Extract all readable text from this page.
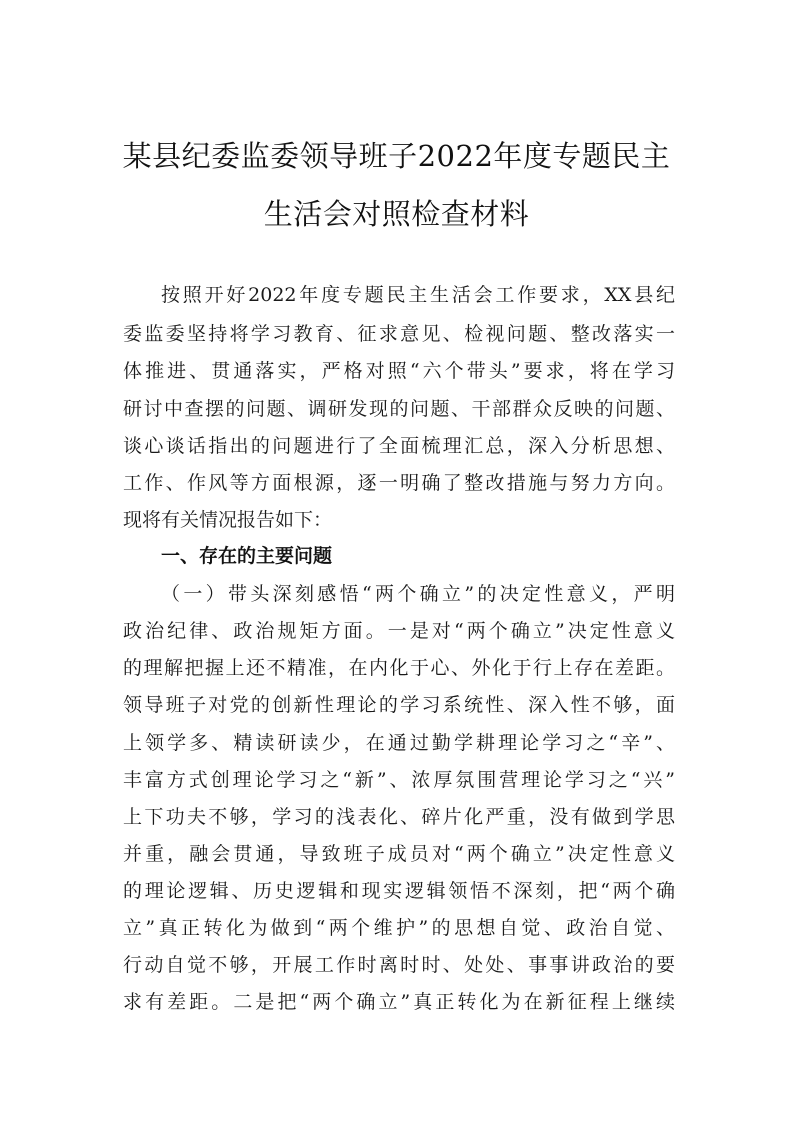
某县纪委监委领导班子2022年度专题民主
生活会对照检查材料
按照开好2022年度专题民主生活会工作要求，XX县纪
委监委坚持将学习教育、征求意见、检视问题、整改落实一
体推进、贯通落实，严格对照“六个带头”要求，将在学习
研讨中查摆的问题、调研发现的问题、干部群众反映的问题、
谈心谈话指出的问题进行了全面梳理汇总，深入分析思想、
工作、作风等方面根源，逐一明确了整改措施与努力方向。
现将有关情况报告如下：
一、存在的主要问题
（一）带头深刻感悟“两个确立”的决定性意义，严明
政治纪律、政治规矩方面。一是对“两个确立”决定性意义
的理解把握上还不精准，在内化于心、外化于行上存在差距。
领导班子对党的创新性理论的学习系统性、深入性不够，面
上领学多、精读研读少，在通过勤学耕理论学习之“辛”、
丰富方式创理论学习之“新”、浓厚氛围营理论学习之“兴”
上下功夫不够，学习的浅表化、碎片化严重，没有做到学思
并重，融会贯通，导致班子成员对“两个确立”决定性意义
的理论逻辑、历史逻辑和现实逻辑领悟不深刻，把“两个确
立”真正转化为做到“两个维护”的思想自觉、政治自觉、
行动自觉不够，开展工作时离时时、处处、事事讲政治的要
求有差距。二是把“两个确立”真正转化为在新征程上继续
